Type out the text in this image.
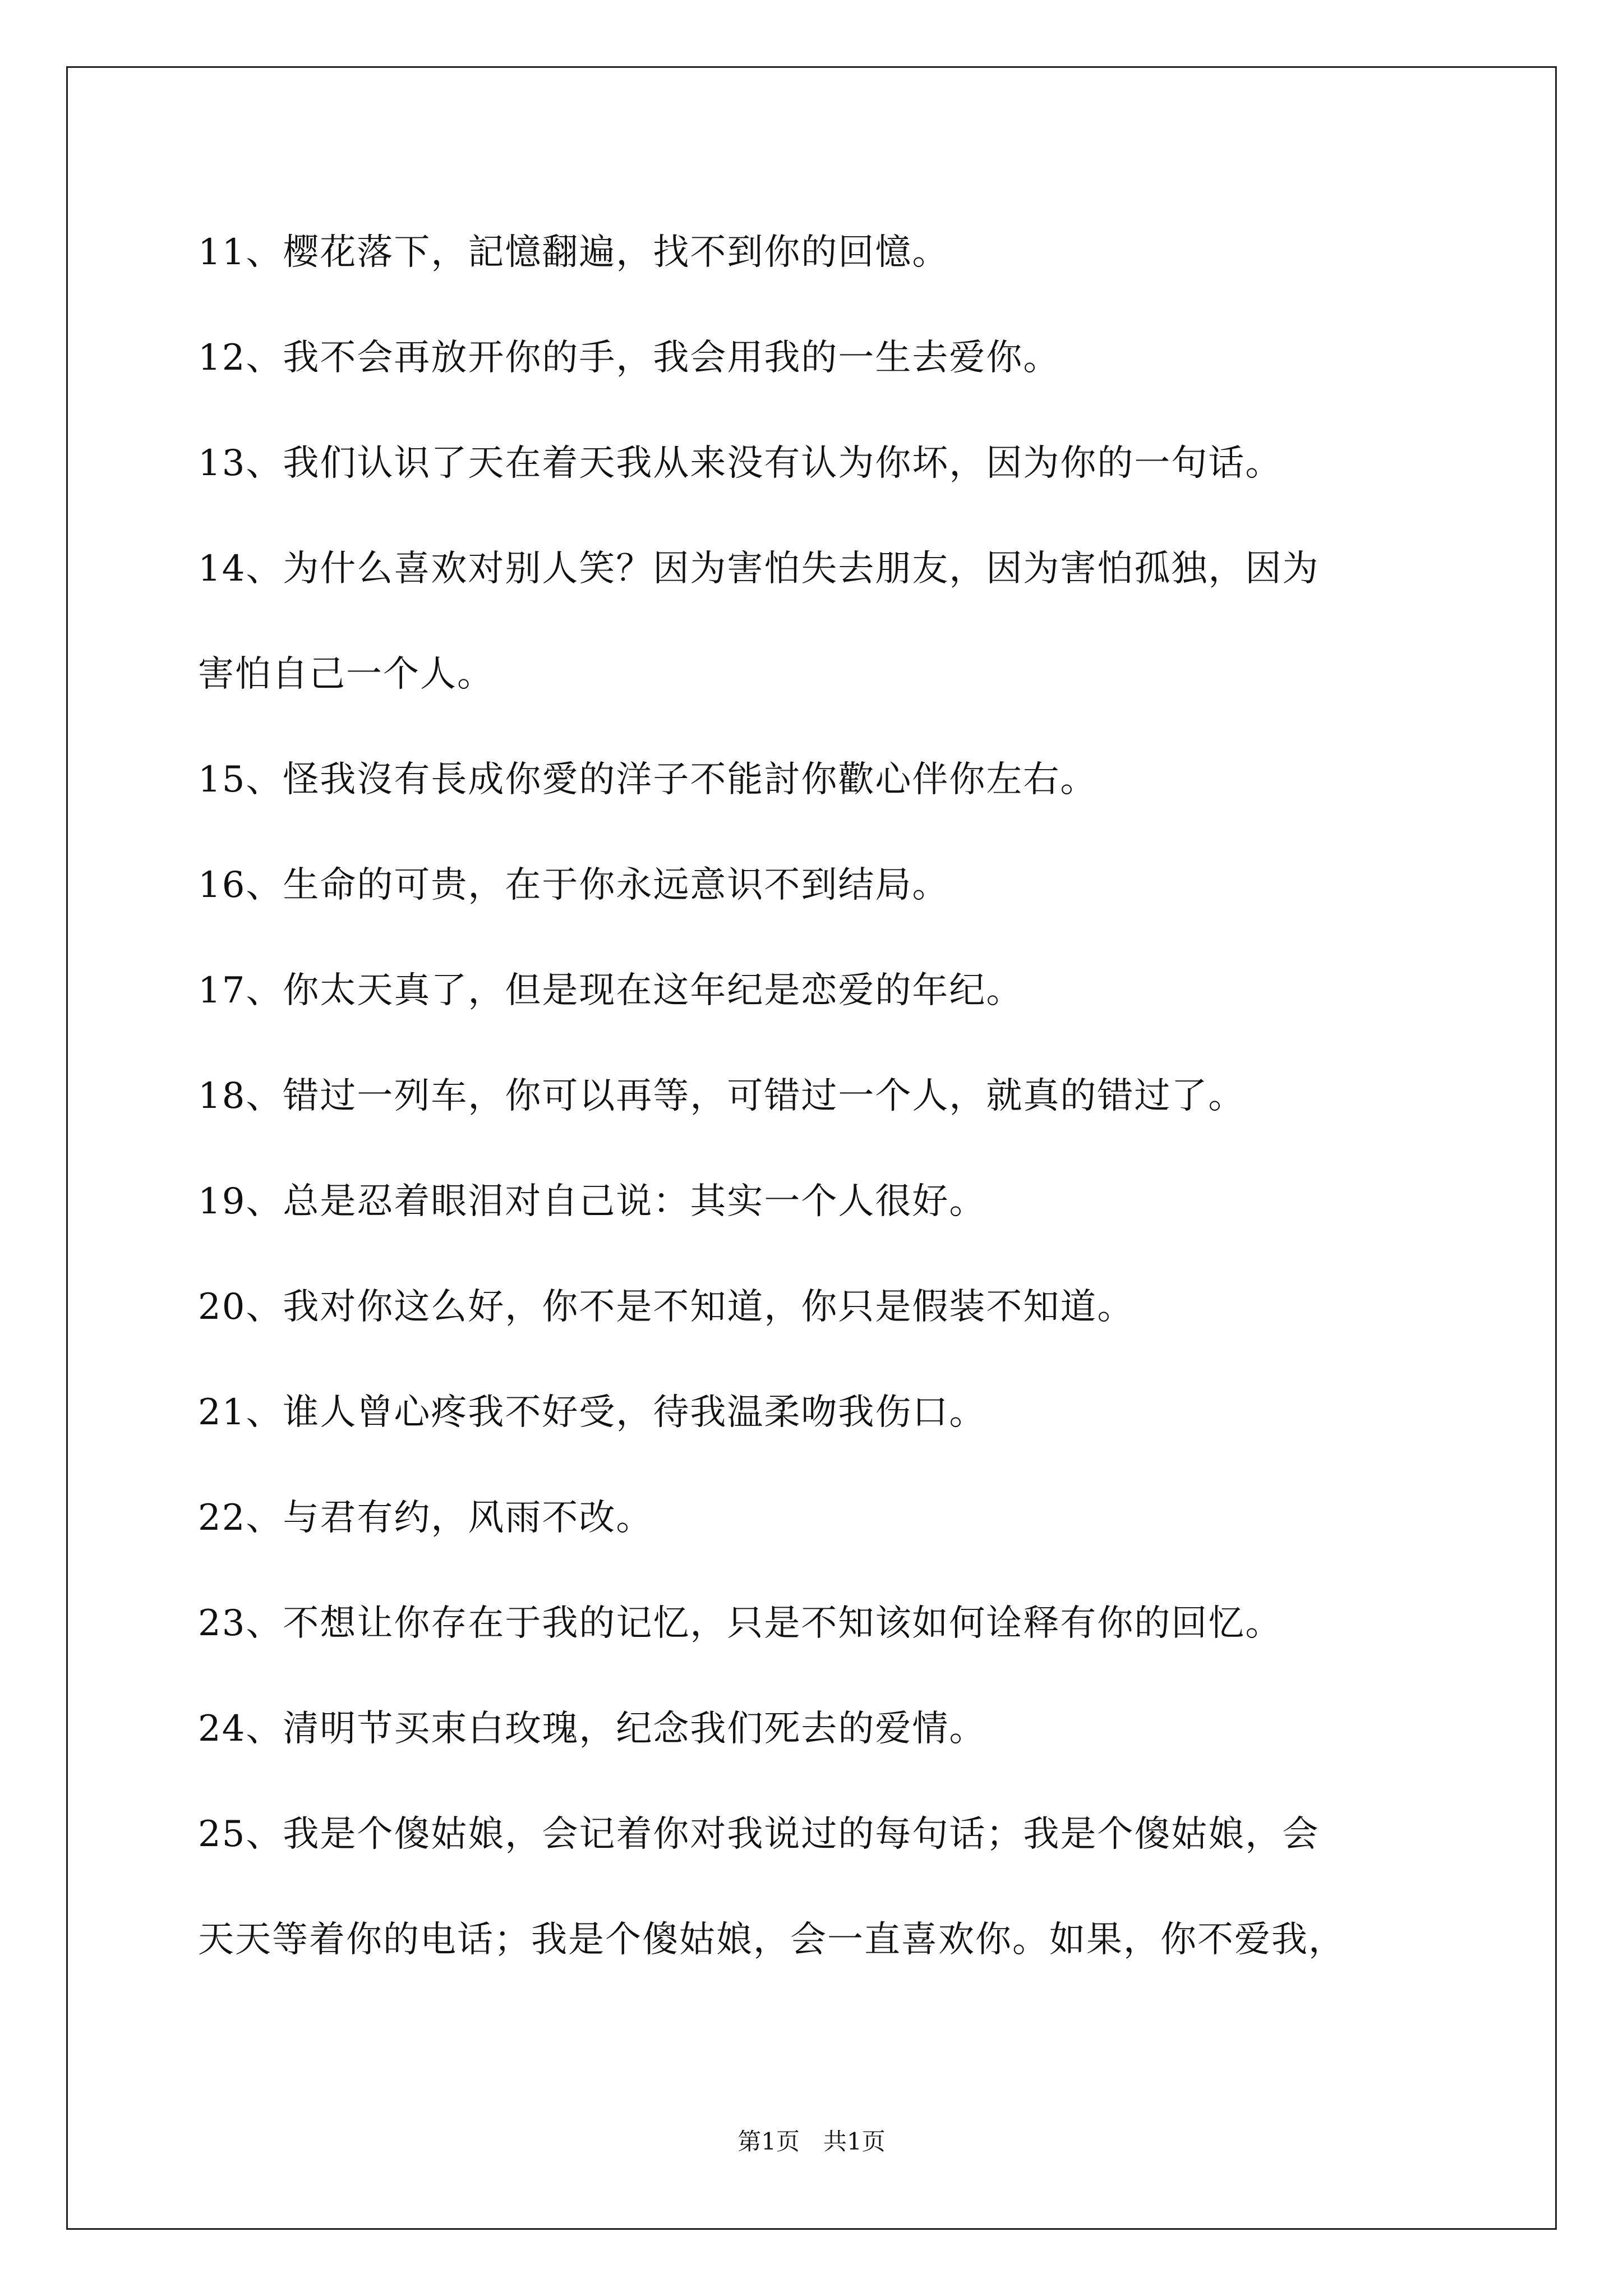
11、樱花落下，記憶翻遍，找不到你的回憶。
12、我不会再放开你的手，我会用我的一生去爱你。
13、我们认识了天在着天我从来没有认为你坏，因为你的一句话。
14、为什么喜欢对别人笑？因为害怕失去朋友，因为害怕孤独，因为
害怕自己一个人。
15、怪我沒有長成你愛的洋子不能討你歡心伴你左右。
16、生命的可贵，在于你永远意识不到结局。
17、你太天真了，但是现在这年纪是恋爱的年纪。
18、错过一列车，你可以再等，可错过一个人，就真的错过了。
19、总是忍着眼泪对自己说：其实一个人很好。
20、我对你这么好，你不是不知道，你只是假装不知道。
21、谁人曾心疼我不好受，待我温柔吻我伤口。
22、与君有约，风雨不改。
23、不想让你存在于我的记忆，只是不知该如何诠释有你的回忆。
24、清明节买束白玫瑰，纪念我们死去的爱情。
25、我是个傻姑娘，会记着你对我说过的每句话；我是个傻姑娘，会
天天等着你的电话；我是个傻姑娘，会一直喜欢你。如果，你不爱我，
第1页　共1页
